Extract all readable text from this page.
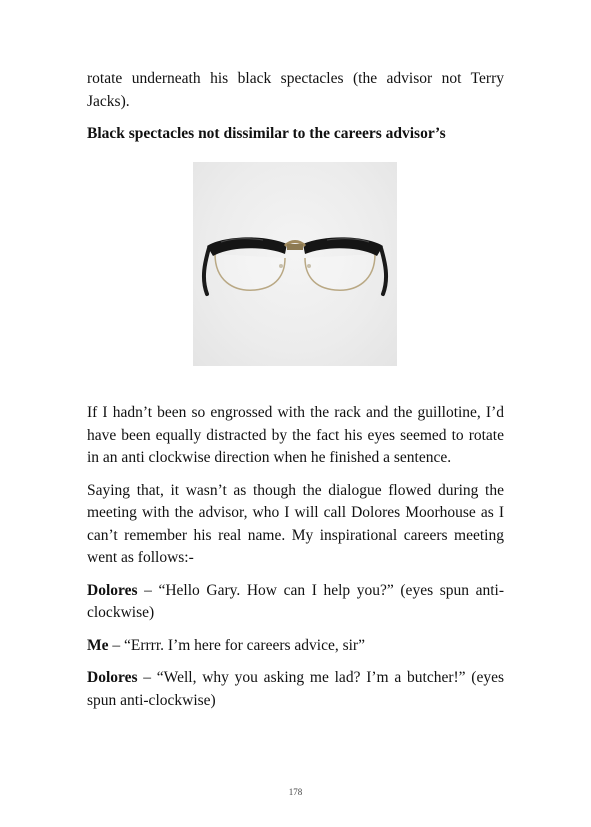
rotate underneath his black spectacles (the advisor not Terry Jacks).

Black spectacles not dissimilar to the careers advisor’s

If I hadn’t been so engrossed with the rack and the guillotine, I’d have been equally distracted by the fact his eyes seemed to rotate in an anti clockwise direction when he finished a sentence.

Saying that, it wasn’t as though the dialogue flowed during the meeting with the advisor, who I will call Dolores Moorhouse as I can’t remember his real name. My inspirational careers meeting went as follows:-

Dolores – “Hello Gary. How can I help you?” (eyes spun anti-clockwise)

Me – “Errrr. I’m here for careers advice, sir”

Dolores – “Well, why you asking me lad? I’m a butcher!” (eyes spun anti-clockwise)

178
